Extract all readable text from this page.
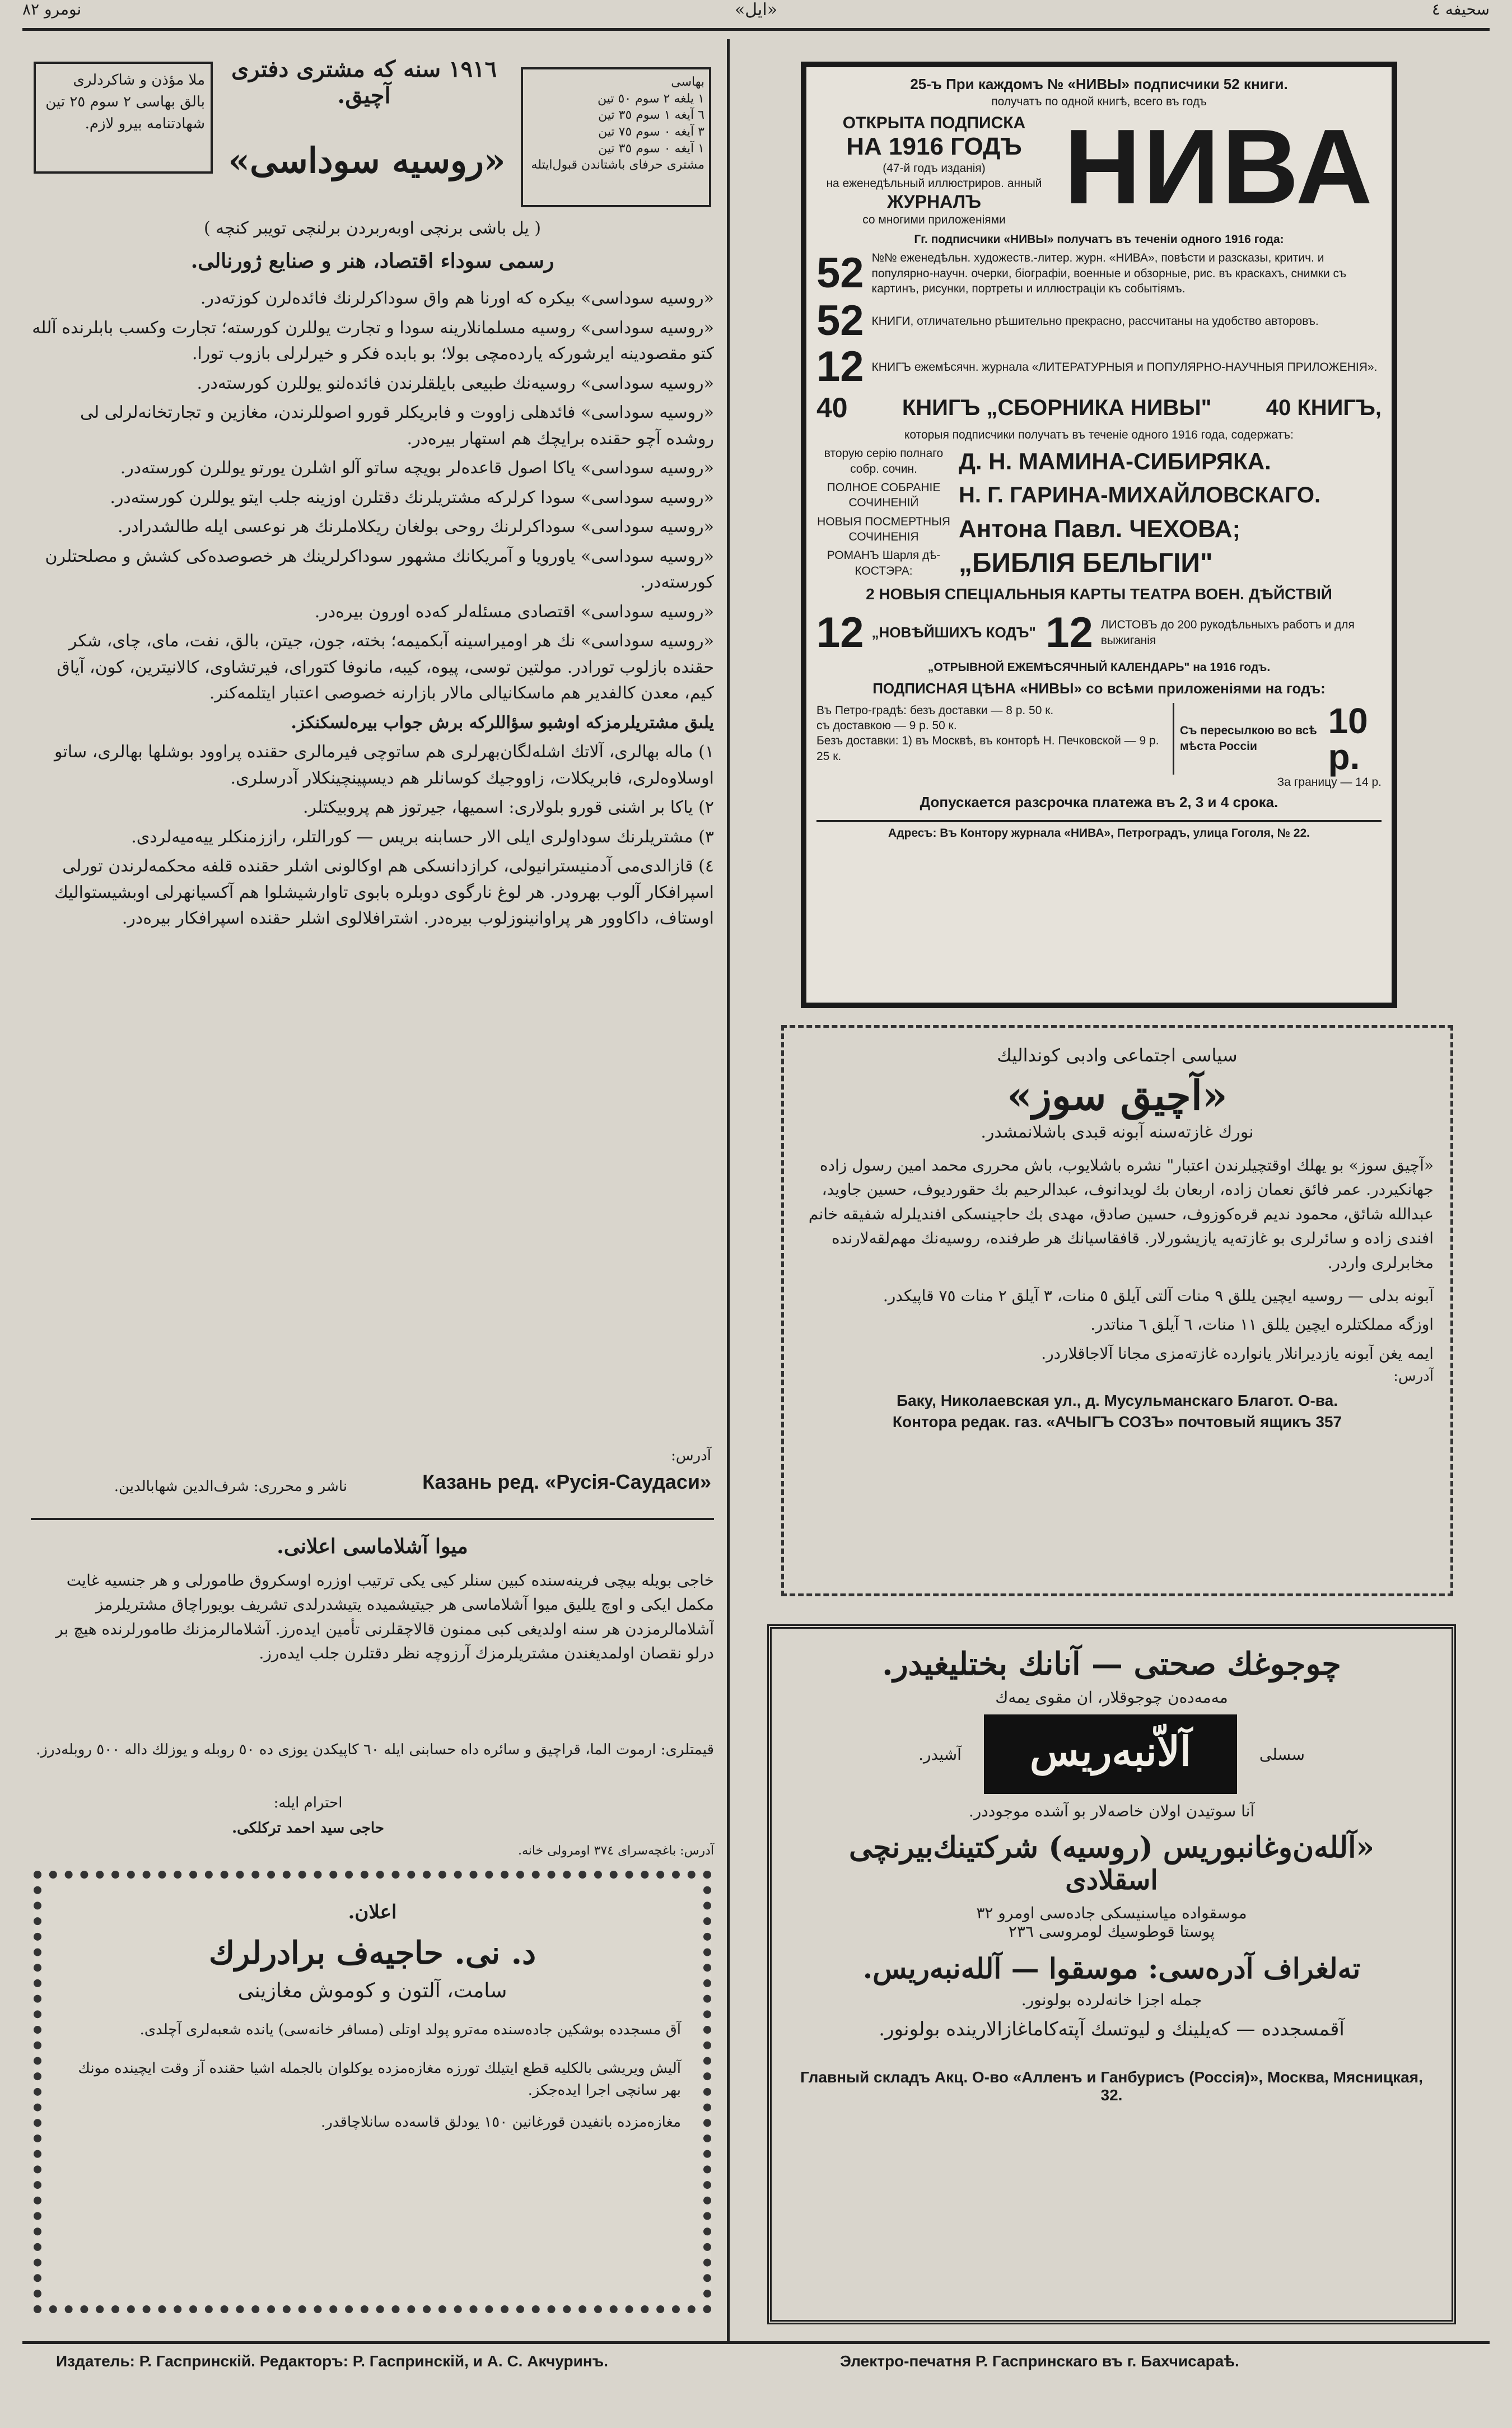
نومرو ۸۲	«ايل»	سحيفه ٤
ملا مؤذن و شاكردلرى
بالق بهاسى ٢ سوم ٢٥ تين
شهادتنامه بيرو لازم.
١٩١٦ سنه كه مشترى دفترى آچيق.
بهاسى
١ يلغه ٢ سوم ٥٠ تين
٦ آيغه ١ سوم ٣٥ تين
٣ آيغه ٠ سوم ٧٥ تين
١ آيغه ٠ سوم ٣٥ تين
مشترى حرفاى باشتاندن قبول‌ايتله
«روسيه سوداسى»
( يل باشى برنچى اوبه‌ربردن برلنچى تو‌يبر كنچه )
رسمى سوداء اقتصاد، هنر و صنايع ژورنالى.

«روسيه سوداسى» بيكره كه اورنا هم واق سوداكرلرنك فائده‌لرن كوزته‌در.

«روسيه سوداسى» روسيه مسلمانلارينه سودا و تجارت يوللرن كورسته‌؛ تجارت وكسب بابلرنده آلله كتو مقصودينه ايرشوركه يارده‌مچى بولا؛ بو بابده فكر و خيرلرلى بازوب تورا.

«روسيه سوداسى» روسيه‌نك طبيعى بايلقلرندن فائده‌لنو يوللرن كورسته‌در.

«روسيه سوداسى» فائدهلى زاووت و فابريكلر قورو اصوللرندن، مغازين و تجارتخانه‌لرلى لى روشده آچو حقنده برايچك هم استهار بيره‌در.

«روسيه سوداسى» ياكا اصول قاعده‌لر بويچه ساتو آلو اشلرن يورتو يوللرن كورسته‌در.

«روسيه سوداسى» سودا كرلركه مشتريلرنك دقتلرن اوزينه جلب ايتو يوللرن كورسته‌در.

«روسيه سوداسى» سوداكرلرنك روحى بولغان ريكلاملرنك هر نوعسى ايله طالشدرادر.

«روسيه سوداسى» ياورويا و آمريكانك مشهور سوداكرلرينك هر خصوصده‌كى كشش و مصلحتلرن كورسته‌در.

«روسيه سوداسى» اقتصادى مسئله‌لر كه‌ده اورون بيره‌در.

«روسيه سوداسى» نك هر اوميراسينه آبكميمه‌؛ بخته، جون، جيتن، بالق، نفت، ماى، چاى، شكر حقنده بازلوب تورادر. مولتين توسى، پيوه، كيبه، مانوفا كتوراى، فيرتشاوى، كالانيترين، كون، آياق كيم، معدن كالفدير هم ماسكانيالى مالار بازارنه خصوصى اعتبار ايتلمه‌كنر.

يلىق مشتريلرمزكه اوشبو سؤاللركه برش جواب بيره‌لسكنكز.

١) ماله بهالرى، آلاتك اشله‌لگان‌بهرلرى هم ساتوچى فيرمالرى حقنده پراوود بوشلها بهالرى، ساتو اوسلاوه‌لرى، فابريكلات، زاووجيك كوسانلر هم ديسپينچينكلار آدرسلرى.

٢) ياكا بر اشنى قورو بلولارى: اسميها، جيرتوز هم پروبيكتلر.

٣) مشتريلرنك سوداولرى ايلى الار حسابنه بريس — كورالتلر، راززمنكلر ييه‌ميه‌لردى.

٤) قازالدى‌مى آدمنيسترانيولى، كرازدانسكى هم اوكالونى اشلر حقنده قلفه محكمه‌لرندن تورلى اسپرافكار آلوب بهرودر. هر لوغ نارگوى دوبلره بابوى تاوارشيشلوا هم آكسيانهرلى اوبشيستواليك اوستاف، داكاوور هر پراوانينوزلوب بيره‌در. اشترافلالوى اشلر حقنده اسپرافكار بيره‌در.

آدرس:
Казань ред. «Русія-Саудаси»
ناشر و محررى: شرف‌الدين شهابالدين.
ميوا آشلاماسى اعلانى.
خاجى بويله بيچى فرینه‌سنده كبين سنلر كيى يكى ترتيب اوزره اوسكروق طامورلى و هر جنسيه غايت مكمل ايكى و اوچ يلليق ميوا آشلاماسى هر جيتيشميده يتيشدرلدى تشريف بويوراچاق مشتريلرمز آشلامالرمزدن هر سنه اولديغى كبى ممنون قالاچقلرنى تأمين ايده‌رز. آشلامالرمزنك طامورلرنده هيچ بر درلو نقصان اولمديغندن مشتريلرمزك آرزوچه نظر دقتلرن جلب ايده‌رز.
قيمتلرى: ارموت الما، قراچيق و سائره داه حسابنى ايله ٦٠ كاپيكدن يوزى ده ٥٠ روبله و يوزلك داله ٥٠٠ روبله‌درز.
احترام ايله:
حاجى سيد احمد تركلكى.
آدرس: باغچه‌سراى ٣٧٤ اومرولى خانه.
اعلان.
د. نى. حاجيه‌ف برادرلرك
سامت، آلتون و كوموش مغازينى
آق مسجدده بوشكين جاده‌سنده مه‌ترو پولد اوتلى (مسافر خانه‌سى) يانده شعبه‌لرى آچلدى.
آليش ويريشى بالكليه قطع ايتيلك تورزه مغازه‌مزده يوكلوان بالجمله اشيا حقنده آز وقت ايچينده مونك بهر سانچى اجرا ايده‌جكز.
مغازه‌مزده بانفيدن قورغانين ١٥٠ يودلق قاسه‌ده سانلاچاقدر.
25-ъ При каждомъ № «НИВЫ» подписчики 52 книги.
получатъ по одной книгѣ, всего въ годъ
ОТКРЫТА ПОДПИСКА
НА 1916 ГОДЪ
(47-й годъ изданія)
на еженедѣльный иллюстриров. анный
ЖУРНАЛЪ
со многими приложеніями НИВА
Гг. подписчики «НИВЫ» получатъ въ теченіи одного 1916 года:
52 №№ еженедѣльн. художеств.-литер. журн. «НИВА», повѣсти и разсказы, критич. и популярно-научн. очерки, біографіи, военные и обзорные, рис. въ краскахъ, снимки съ картинъ, рисунки, портреты и иллюстраціи къ событіямъ.
52 КНИГИ, отличательно рѣшительно прекрасно, рассчитаны на удобство авторовъ.
12 КНИГЪ ежемѣсячн. журнала «ЛИТЕРАТУРНЫЯ и ПОПУЛЯРНО-НАУЧНЫЯ ПРИЛОЖЕНІЯ».
40 КНИГЪ „СБОРНИКА НИВЫ" 40 КНИГЪ,
которыя подписчики получатъ въ теченіе одного 1916 года, содержатъ:
вторую серію полнаго собр. сочин.	Д. Н. МАМИНА-СИБИРЯКА.
ПОЛНОЕ СОБРАНІЕ СОЧИНЕНІЙ	Н. Г. ГАРИНА-МИХАЙЛОВСКАГО.
НОВЫЯ ПОСМЕРТНЫЯ СОЧИНЕНІЯ	Антона Павл. ЧЕХОВА;
РОМАНЪ Шарля дѣ-КОСТЭРА:	„БИБЛІЯ БЕЛЬГІИ"
2 НОВЫЯ СПЕЦІАЛЬНЫЯ КАРТЫ ТЕАТРА ВОЕН. ДѢЙСТВІЙ
12 „НОВѢЙШИХЪ КОДЪ" 12 ЛИСТОВЪ до 200 рукодѣльныхъ работъ и для выжиганія
„ОТРЫВНОЙ ЕЖЕМѢСЯЧНЫЙ КАЛЕНДАРЬ" на 1916 годъ.
ПОДПИСНАЯ ЦѢНА «НИВЫ» со всѣми приложеніями на годъ:
Въ Петро-градѣ: безъ доставки — 8 р. 50 к.
съ доставкою — 9 р. 50 к.
Безъ доставки: 1) въ Москвѣ, въ конторѣ Н. Печковской — 9 р. 25 к.
Съ пересылкою во всѣ мѣста Россіи
10 р.
За границу — 14 р.
Допускается разсрочка платежа въ 2, 3 и 4 срока.
Адресъ: Въ Контору журнала «НИВА», Петроградъ, улица Гоголя, № 22.
سياسى اجتماعى وادبى كونداليك
«آچيق سوز»
نورك غازته‌سنه آبونه قبدى باشلانمشدر.
«آچيق سوز» بو يهلك اوقتچيلرندن اعتبار" نشره باشلايوب، باش محررى محمد امين رسول زاده جهانكيردر. عمر فائق نعمان زاده، اربعان بك لويدانوف، عبدالرحيم بك حقورديوف، حسين جاويد، عبدالله شائق، محمود نديم قره‌كوزوف، حسين صادق، مهدى بك حاجينسكى افنديلرله شفيقه خانم افندى زاده و سائرلرى بو غازته‌يه يازيشورلار. قافقاسيانك هر طرفنده، روسيه‌نك مهم‌لقه‌لارنده مخابرلرى واردر.
آبونه بدلى — روسيه ايچين يللق ٩ منات آلتى آيلق ٥ منات، ٣ آيلق ٢ منات ٧٥ قاپيكدر.
اوزگه مملكتلره ايچين يللق ١١ منات، ٦ آيلق ٦ مناتدر.
ايمه يغن آبونه يازديرانلار يانوارده غازته‌مزى مجانا آلاجاقلاردر.
آدرس:
Баку, Николаевская ул., д. Мусульманскаго Благот. О-ва.
Контора редак. газ. «АЧЫГЪ СОЗЪ» почтовый ящикъ 357
چوجوغك صحتى — آنانك بختليغيدر.
مه‌مه‌ده‌ن چوجوقلار، ان مقوى يمه‌ك
آشيدر.	آلاّنبه‌ريس	سسلى
آنا سوتيدن اولان خاصه‌لار بو آشده موجوددر.
«آلله‌ن‌وغانبوريس (روسيه) شركتينك‌بيرنچى
اسقلادى
موسقوادە مياسنيسكى جاده‌سى اومرو ٣٢
پوستا قوطوسيك لومروسى ٢٣٦
تەلغراف آدرەسى: موسقوا — آللەنبەريس.
جمله اجزا خانه‌لرده بولونور.
آقمسجدده — كەيلينك و ليوتسك آپته‌كاماغازالارينده بولونور.
Главный складъ Акц. О-во «Алленъ и Ганбурисъ (Россія)», Москва, Мясницкая, 32.
Издатель: Р. Гаспринскій. Редакторъ: Р. Гаспринскій, и А. С. Акчуринъ.	Электро-печатня Р. Гаспринскаго въ г. Бахчисараѣ.
